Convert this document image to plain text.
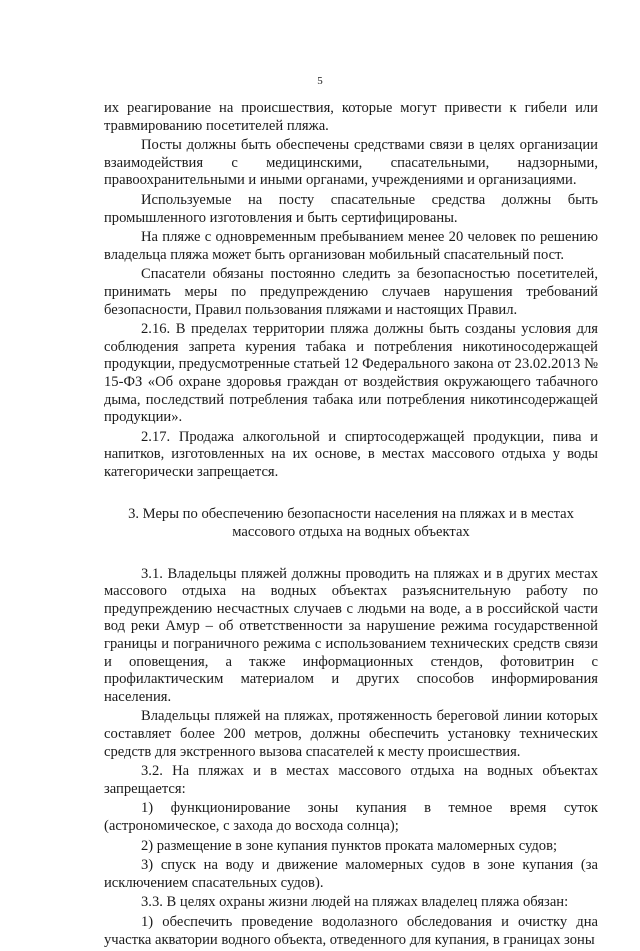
5

их реагирование на происшествия, которые могут привести к гибели или травмированию посетителей пляжа.

Посты должны быть обеспечены средствами связи в целях организации взаимодействия с медицинскими, спасательными, надзорными, правоохранительными и иными органами, учреждениями и организациями.

Используемые на посту спасательные средства должны быть промышленного изготовления и быть сертифицированы.

На пляже с одновременным пребыванием менее 20 человек по решению владельца пляжа может быть организован мобильный спасательный пост.

Спасатели обязаны постоянно следить за безопасностью посетителей, принимать меры по предупреждению случаев нарушения требований безопасности, Правил пользования пляжами и настоящих Правил.

2.16. В пределах территории пляжа должны быть созданы условия для соблюдения запрета курения табака и потребления никотиносодержащей продукции, предусмотренные статьей 12 Федерального закона от 23.02.2013 № 15-ФЗ «Об охране здоровья граждан от воздействия окружающего табачного дыма, последствий потребления табака или потребления никотинсодержащей продукции».

2.17. Продажа алкогольной и спиртосодержащей продукции, пива и напитков, изготовленных на их основе, в местах массового отдыха у воды категорически запрещается.

3. Меры по обеспечению безопасности населения на пляжах и в местах массового отдыха на водных объектах

3.1. Владельцы пляжей должны проводить на пляжах и в других местах массового отдыха на водных объектах разъяснительную работу по предупреждению несчастных случаев с людьми на воде, а в российской части вод реки Амур – об ответственности за нарушение режима государственной границы и пограничного режима с использованием технических средств связи и оповещения, а также информационных стендов, фотовитрин с профилактическим материалом и других способов информирования населения.

Владельцы пляжей на пляжах, протяженность береговой линии которых составляет более 200 метров, должны обеспечить установку технических средств для экстренного вызова спасателей к месту происшествия.

3.2. На пляжах и в местах массового отдыха на водных объектах запрещается:

1) функционирование зоны купания в темное время суток (астрономическое, с захода до восхода солнца);

2) размещение в зоне купания пунктов проката маломерных судов;

3) спуск на воду и движение маломерных судов в зоне купания (за исключением спасательных судов).

3.3. В целях охраны жизни людей на пляжах владелец пляжа обязан:

1) обеспечить проведение водолазного обследования и очистку дна участка акватории водного объекта, отведенного для купания, в границах зоны
